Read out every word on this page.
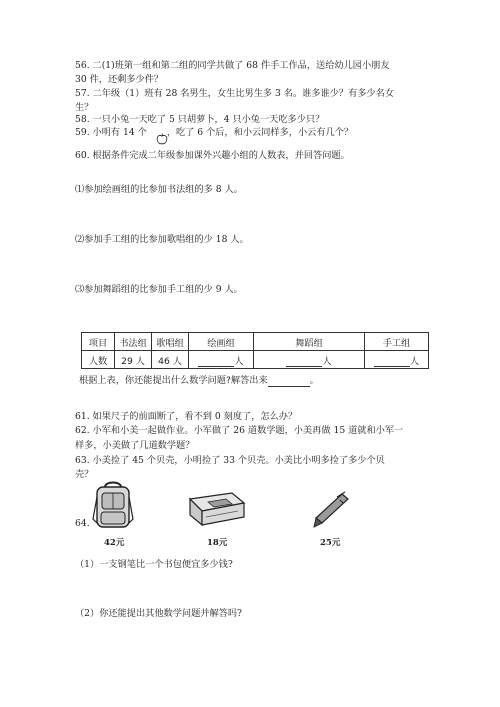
56. 二(1)班第一组和第二组的同学共做了 68 件手工作品，送给幼儿园小朋友
30 件，还剩多少件？
57. 二年级（1）班有 28 名男生，女生比男生多 3 名。谁多谁少？有多少名女
生？
58. 一只小兔一天吃了 5 只胡萝卜，4 只小兔一天吃多少只？
59. 小明有 14 个 ，吃了 6 个后，和小云同样多，小云有几个？
60. 根据条件完成二年级参加课外兴趣小组的人数表，并回答问题。
⑴参加绘画组的比参加书法组的多 8 人。
⑵参加手工组的比参加歌唱组的少 18 人。
⑶参加舞蹈组的比参加手工组的少 9 人。
项目	书法组	歌唱组	绘画组	舞蹈组	手工组
人数	29 人	46 人	人	人	人
根据上表，你还能提出什么数学问题?解答出来	。
61. 如果尺子的前面断了，看不到 0 刻度了，怎么办？
62. 小军和小美一起做作业。小军做了 26 道数学题，小美再做 15 道就和小军一
样多，小美做了几道数学题？
63. 小美捡了 45 个贝壳，小明捡了 33 个贝壳。小美比小明多捡了多少个贝
壳？
64.
42元	18元	25元
（1）一支钢笔比一个书包便宜多少钱?
（2）你还能提出其他数学问题并解答吗?
